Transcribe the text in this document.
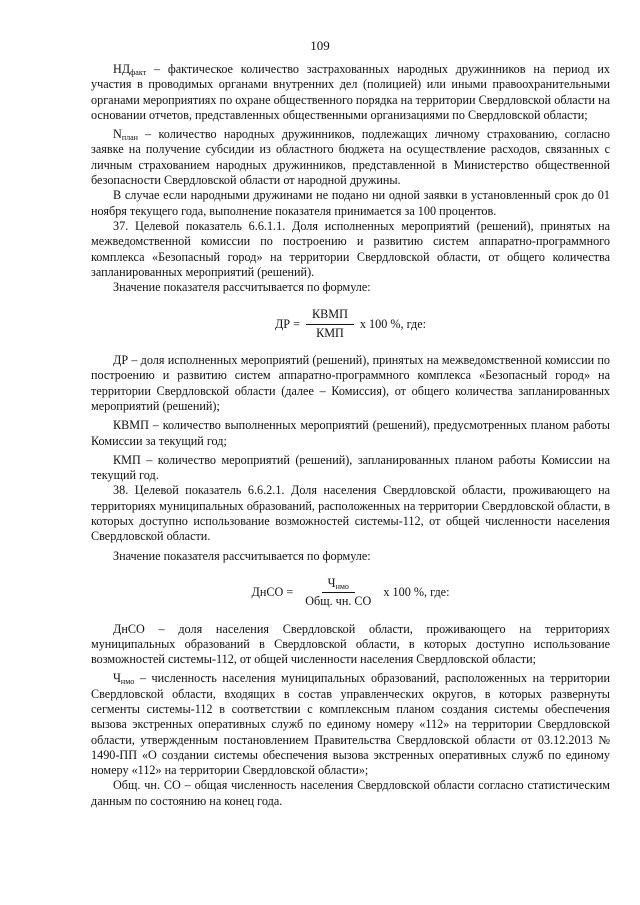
109

$НД_{факт}$ – фактическое количество застрахованных народных дружинников на период их участия в проводимых органами внутренних дел (полицией) или иными правоохранительными органами мероприятиях по охране общественного порядка на территории Свердловской области на основании отчетов, представленных общественными организациями по Свердловской области;

$N_{план}$ – количество народных дружинников, подлежащих личному страхованию, согласно заявке на получение субсидии из областного бюджета на осуществление расходов, связанных с личным страхованием народных дружинников, представленной в Министерство общественной безопасности Свердловской области от народной дружины.

В случае если народными дружинами не подано ни одной заявки в установленный срок до 01 ноября текущего года, выполнение показателя принимается за 100 процентов.

37. Целевой показатель 6.6.1.1. Доля исполненных мероприятий (решений), принятых на межведомственной комиссии по построению и развитию систем аппаратно-программного комплекса «Безопасный город» на территории Свердловской области, от общего количества запланированных мероприятий (решений).

Значение показателя рассчитывается по формуле:

ДР = $\frac{\text{КВМП}}{\text{КМП}}$ x 100 %, где:

ДР – доля исполненных мероприятий (решений), принятых на межведомственной комиссии по построению и развитию систем аппаратно-программного комплекса «Безопасный город» на территории Свердловской области (далее – Комиссия), от общего количества запланированных мероприятий (решений);

КВМП – количество выполненных мероприятий (решений), предусмотренных планом работы Комиссии за текущий год;

КМП – количество мероприятий (решений), запланированных планом работы Комиссии на текущий год.

38. Целевой показатель 6.6.2.1. Доля населения Свердловской области, проживающего на территориях муниципальных образований, расположенных на территории Свердловской области, в которых доступно использование возможностей системы-112, от общей численности населения Свердловской области.

Значение показателя рассчитывается по формуле:

ДнСО = $\frac{Ч_{нмо}}{\text{Общ. чн. СО}}$ x 100 %, где:

ДнСО – доля населения Свердловской области, проживающего на территориях муниципальных образований в Свердловской области, в которых доступно использование возможностей системы-112, от общей численности населения Свердловской области;

$Ч_{нмо}$ – численность населения муниципальных образований, расположенных на территории Свердловской области, входящих в состав управленческих округов, в которых развернуты сегменты системы-112 в соответствии с комплексным планом создания системы обеспечения вызова экстренных оперативных служб по единому номеру «112» на территории Свердловской области, утвержденным постановлением Правительства Свердловской области от 03.12.2013 № 1490-ПП «О создании системы обеспечения вызова экстренных оперативных служб по единому номеру «112» на территории Свердловской области»;

Общ. чн. СО – общая численность населения Свердловской области согласно статистическим данным по состоянию на конец года.
